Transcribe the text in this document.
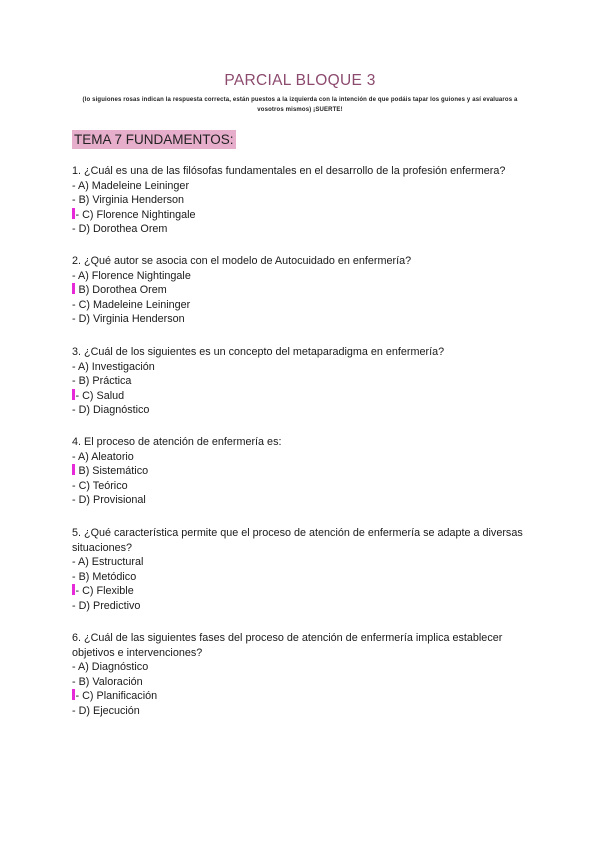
PARCIAL BLOQUE 3
(lo siguiones rosas indican la respuesta correcta, están puestos a la izquierda con la intención de que podáis tapar los guiones y así evaluaros a vosotros mismos) ¡SUERTE!
TEMA 7 FUNDAMENTOS:
1. ¿Cuál es una de las filósofas fundamentales en el desarrollo de la profesión enfermera?
- A) Madeleine Leininger
- B) Virginia Henderson
- C) Florence Nightingale
- D) Dorothea Orem
2. ¿Qué autor se asocia con el modelo de Autocuidado en enfermería?
- A) Florence Nightingale
B) Dorothea Orem
- C) Madeleine Leininger
- D) Virginia Henderson
3. ¿Cuál de los siguientes es un concepto del metaparadigma en enfermería?
- A) Investigación
- B) Práctica
- C) Salud
- D) Diagnóstico
4. El proceso de atención de enfermería es:
- A) Aleatorio
B) Sistemático
- C) Teórico
- D) Provisional
5. ¿Qué característica permite que el proceso de atención de enfermería se adapte a diversas situaciones?
- A) Estructural
- B) Metódico
- C) Flexible
- D) Predictivo
6. ¿Cuál de las siguientes fases del proceso de atención de enfermería implica establecer objetivos e intervenciones?
- A) Diagnóstico
- B) Valoración
- C) Planificación
- D) Ejecución
